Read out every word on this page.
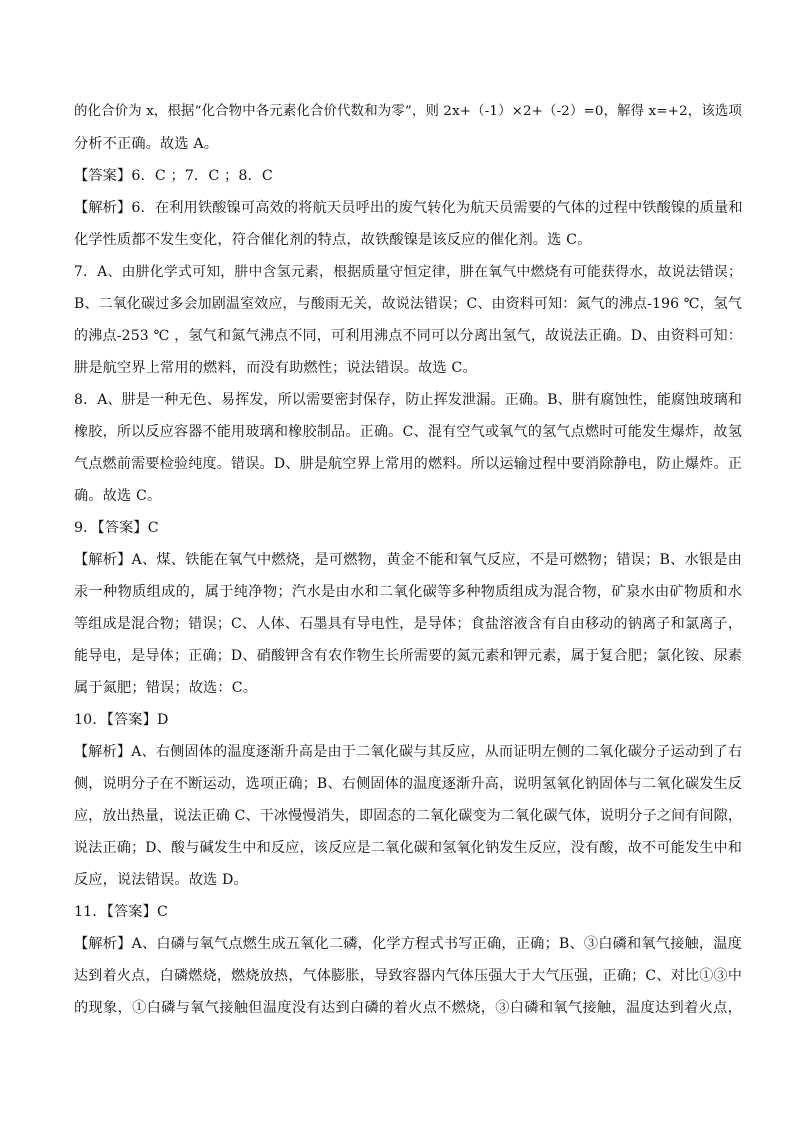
的化合价为 x，根据“化合物中各元素化合价代数和为零”，则 2x+（-1）×2+（-2）=0，解得 x=+2，该选项
分析不正确。故选 A。
【答案】6．C ；7．C ；8．C
【解析】6．在利用铁酸镍可高效的将航天员呼出的废气转化为航天员需要的气体的过程中铁酸镍的质量和
化学性质都不发生变化，符合催化剂的特点，故铁酸镍是该反应的催化剂。选 C。
7．A、由肼化学式可知，肼中含氢元素，根据质量守恒定律，肼在氧气中燃烧有可能获得水，故说法错误；
B、二氧化碳过多会加剧温室效应，与酸雨无关，故说法错误；C、由资料可知：氮气的沸点-196 ℃，氢气
的沸点-253 ℃ ，氢气和氮气沸点不同，可利用沸点不同可以分离出氢气，故说法正确。D、由资料可知：
肼是航空界上常用的燃料，而没有助燃性；说法错误。故选 C。
8．A、肼是一种无色、易挥发，所以需要密封保存，防止挥发泄漏。正确。B、肼有腐蚀性，能腐蚀玻璃和
橡胶，所以反应容器不能用玻璃和橡胶制品。正确。C、混有空气或氧气的氢气点燃时可能发生爆炸，故氢
气点燃前需要检验纯度。错误。D、肼是航空界上常用的燃料。所以运输过程中要消除静电，防止爆炸。正
确。故选 C。
9．【答案】C
【解析】A、煤、铁能在氧气中燃烧，是可燃物，黄金不能和氧气反应，不是可燃物；错误；B、水银是由
汞一种物质组成的，属于纯净物；汽水是由水和二氧化碳等多种物质组成为混合物，矿泉水由矿物质和水
等组成是混合物；错误；C、人体、石墨具有导电性，是导体；食盐溶液含有自由移动的钠离子和氯离子，
能导电，是导体；正确；D、硝酸钾含有农作物生长所需要的氮元素和钾元素，属于复合肥；氯化铵、尿素
属于氮肥；错误；故选：C。
10．【答案】D
【解析】A、右侧固体的温度逐渐升高是由于二氧化碳与其反应，从而证明左侧的二氧化碳分子运动到了右
侧，说明分子在不断运动，选项正确；B、右侧固体的温度逐渐升高，说明氢氧化钠固体与二氧化碳发生反
应，放出热量，说法正确 C、干冰慢慢消失，即固态的二氧化碳变为二氧化碳气体，说明分子之间有间隙，
说法正确；D、酸与碱发生中和反应，该反应是二氧化碳和氢氧化钠发生反应，没有酸，故不可能发生中和
反应，说法错误。故选 D。
11．【答案】C
【解析】A、白磷与氧气点燃生成五氧化二磷，化学方程式书写正确，正确；B、③白磷和氧气接触，温度
达到着火点，白磷燃烧，燃烧放热，气体膨胀，导致容器内气体压强大于大气压强，正确；C、对比①③中
的现象，①白磷与氧气接触但温度没有达到白磷的着火点不燃烧，③白磷和氧气接触，温度达到着火点，
